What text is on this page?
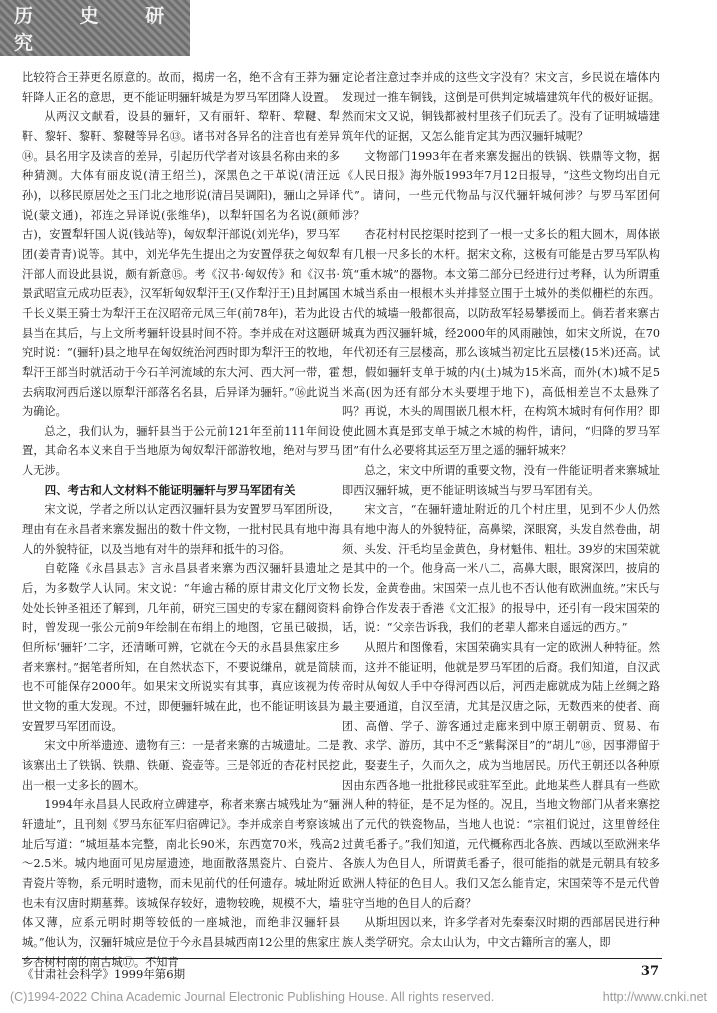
历 史 研 究

比较符合王莽更名原意的。故而，揭虏一名，绝不含有王莽为骊轩降人正名的意思，更不能证明骊轩城是为罗马军团降人设置。

从两汉文献看，设县的骊轩，又有丽轩、犂靬、犂鞬、犁靬、黎轩、黎靬、黎鞬等异名⑬。诸书对各异名的注音也有差异⑭。县名用字及读音的差异，引起历代学者对该县名称由来的多种猜测。大体有丽皮说(清王绍兰)，深黑色之干革说(清汪远孙)，以移民原居处之玉门北之地形说(清吕吴调阳)，骊山之异译说(蒙文通)，祁连之异译说(张维华)，以犁轩国名为名说(颜师古)，安置犁轩国人说(钱站等)，匈奴犁汗部说(刘光华)，罗马军团(姜青青)说等。其中，刘光华先生提出之为安置俘获之匈奴犁汗部人而设此县说，颇有新意⑮。考《汉书·匈奴传》和《汉书·景武昭宣元成功臣表》，汉军斩匈奴犁汗王(又作犁汙王)且封属国千长义渠王骑士为犁汗王在汉昭帝元凤三年(前78年)，若为此设县当在其后，与上文所考骊轩设县时间不符。李并成在对这题研究时说：“(骊轩)县之地早在匈奴统治河西时即为犁汗王的牧地，犁汗王部当时就活动于今石羊河流域的东大河、西大河一带，霍去病取河西后遂以原犁汗部落名名县，后异译为骊轩。”⑯此说当为确论。

总之，我们认为，骊轩县当于公元前121年至前111年间设置，其命名本义来自于当地原为匈奴犁汗部游牧地，绝对与罗马人无涉。

四、考古和人文材料不能证明骊轩与罗马军团有关

宋文说，学者之所以认定西汉骊轩县为安置罗马军团所设，理由有在永昌者来寨发掘出的数十件文物，一批村民具有地中海人的外貌特征，以及当地有对牛的崇拜和抵牛的习俗。

自乾隆《永昌县志》言永昌县者来寨为西汉骊轩县遗址之后，为多数学人认同。宋文说：“年逾古稀的原甘肃文化厅文物处处长钟圣祖还了解到，几年前，研究三国史的专家在翻阅资料时，曾发现一张公元前9年绘制在布绢上的地图，它虽已破损，但所标‘骊轩’二字，还清晰可辨，它就在今天的永昌县焦家庄乡者来寨村。”据笔者所知，在自然状态下，不要说缣帛，就是简牍也不可能保存2000年。如果宋文所说实有其事，真应该视为传世文物的重大发现。不过，即便骊轩城在此，也不能证明该县为安置罗马军团而设。

宋文中所举遗迹、遗物有三：一是者来寨的古城遗址。二是该寨出土了铁锅、铁鼎、铁砸、瓷壶等。三是邻近的杏花村民挖出一根一丈多长的圆木。

1994年永昌县人民政府立碑建亭，称者来寨古城残址为“骊轩遗址”，且刊刻《罗马东征军归宿碑记》。李并成亲自考察该城址后写道：“城垣基本完整，南北长90米，东西宽70米，残高2～2.5米。城内地面可见房屋遗迹，地面散落黑瓷片、白瓷片、青瓷片等物，系元明时遗物，而未见前代的任何遗存。城址附近也未有汉唐时期墓葬。该城保存较好，遗物较晚，规模不大，墙体又薄，应系元明时期等较低的一座城池，而绝非汉骊轩县城。”他认为，汉骊轩城应是位于今永昌县城西南12公里的焦家庄乡杏树村南的南古城⑰。不知肯

定论者注意过李并成的这些文字没有？宋文言，乡民说在墙体内发现过一推车铜钱，这倒是可供判定城墙建筑年代的极好证据。然而宋文又说，铜钱都被村里孩子们玩丢了。没有了证明城墙建筑年代的证据，又怎么能肯定其为西汉骊轩城呢？

文物部门1993年在者来寨发掘出的铁锅、铁鼎等文物，据《人民日报》海外版1993年7月12日报导，“这些文物均出自元代”。请问，一些元代物品与汉代骊轩城何涉？与罗马军团何涉？

杏花村村民挖渠时挖到了一根一丈多长的粗大圆木，周体嵌有几根一尺多长的木杆。据宋文称，这极有可能是古罗马军队构筑“重木城”的器物。本文第二部分已经进行过考释，认为所谓重木城当系由一根根木头并排竖立围于土城外的类似栅栏的东西。古代的城墙一般都很高，以防敌军轻易攀援而上。倘若者来寨古城真为西汉骊轩城，经2000年的风雨融蚀，如宋文所说，在70年代初还有三层楼高，那么该城当初定比五层楼(15米)还高。试想，假如骊轩支单于城的内(土)城为15米高，而外(木)城不足5米高(因为还有部分木头要埋于地下)，高低相差岂不太悬殊了吗？再说，木头的周围嵌几根木杆，在构筑木城时有何作用？即使此圆木真是郅支单于城之木城的构件，请问，“归降的罗马军团”有什么必要将其运至万里之遥的骊轩城来？

总之，宋文中所谓的重要文物，没有一件能证明者来寨城址即西汉骊轩城，更不能证明该城当与罗马军团有关。

宋文言，“在骊轩遗址附近的几个村庄里，见到不少人仍然具有地中海人的外貌特征，高鼻梁，深眼窝，头发自然卷曲，胡须、头发、汗毛均呈金黄色，身材魁伟、粗壮。39岁的宋国荣就是其中的一个。他身高一米八二，高鼻大眼，眼窝深凹，披肩的长发，金黄卷曲。宋国荣一点儿也不否认他有欧洲血统。”宋氏与俞铮合作发表于香港《文汇报》的报导中，还引有一段宋国荣的话，说：“父亲告诉我，我们的老辈人都来自遥远的西方。”

从照片和图像看，宋国荣确实具有一定的欧洲人种特征。然而，这并不能证明，他就是罗马军团的后裔。我们知道，自汉武帝时从匈奴人手中夺得河西以后，河西走廊就成为陆上丝绸之路最主要通道，自汉至清，尤其是汉唐之际，无数西来的使者、商团、高僧、学子、游客通过走廊来到中原王朝朝贡、贸易、布教、求学、游历，其中不乏“紫髯深目”的“胡儿”⑱，因事滞留于此，娶妻生子，久而久之，成为当地居民。历代王朝还以各种原因由东西各地一批批移民或驻军至此。此地某些人群具有一些欧洲人种的特征，是不足为怪的。况且，当地文物部门从者来寨挖出了元代的铁瓷物品，当地人也说：“宗祖们说过，这里曾经住过黄毛番子。”我们知道，元代概称西北各族、西域以至欧洲来华各族人为色目人，所谓黄毛番子，很可能指的就是元朝具有较多欧洲人特征的色目人。我们又怎么能肯定，宋国荣等不是元代曾驻守当地的色目人的后裔？

从斯坦因以来，许多学者对先秦秦汉时期的西部居民进行种族人类学研究。佘太山认为，中文古籍所言的塞人，即

《甘肃社会科学》1999年第6期	37
(C)1994-2022 China Academic Journal Electronic Publishing House. All rights reserved.	http://www.cnki.net
